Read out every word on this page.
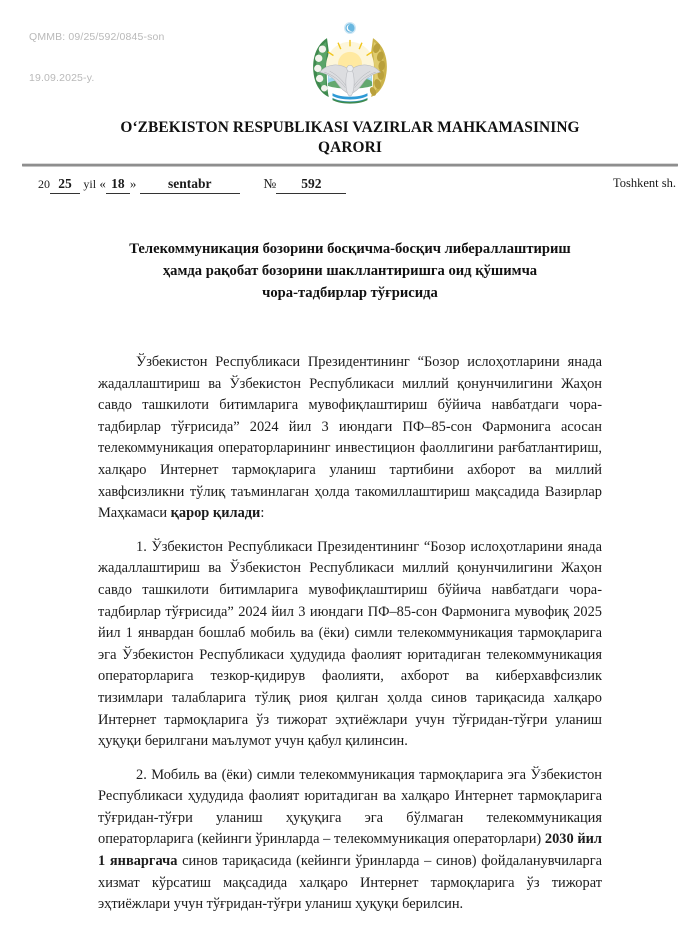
QMMB: 09/25/592/0845-son

19.09.2025-y.

O‘ZBEKISTON RESPUBLIKASI VAZIRLAR MAHKAMASINING
QARORI
20 25 yil « 18 » sentabr	№ 592	Toshkent sh.
Телекоммуникация бозорини босқичма-босқич либераллаштириш
ҳамда рақобат бозорини шакллантиришга оид қўшимча
чора-тадбирлар тўғрисида

Ўзбекистон Республикаси Президентининг “Бозор ислоҳотларини янада жадаллаштириш ва Ўзбекистон Республикаси миллий қонунчилигини Жаҳон савдо ташкилоти битимларига мувофиқлаштириш бўйича навбатдаги чора-тадбирлар тўғрисида” 2024 йил 3 июндаги ПФ–85-сон Фармонига асосан телекоммуникация операторларининг инвестицион фаоллигини рағбатлантириш, халқаро Интернет тармоқларига уланиш тартибини ахборот ва миллий хавфсизликни тўлиқ таъминлаган ҳолда такомиллаштириш мақсадида Вазирлар Маҳкамаси қарор қилади:

1. Ўзбекистон Республикаси Президентининг “Бозор ислоҳотларини янада жадаллаштириш ва Ўзбекистон Республикаси миллий қонунчилигини Жаҳон савдо ташкилоти битимларига мувофиқлаштириш бўйича навбатдаги чора-тадбирлар тўғрисида” 2024 йил 3 июндаги ПФ–85-сон Фармонига мувофиқ 2025 йил 1 январдан бошлаб мобиль ва (ёки) симли телекоммуникация тармоқларига эга Ўзбекистон Республикаси ҳудудида фаолият юритадиган телекоммуникация операторларига тезкор-қидирув фаолияти, ахборот ва киберхавфсизлик тизимлари талабларига тўлиқ риоя қилган ҳолда синов тариқасида халқаро Интернет тармоқларига ўз тижорат эҳтиёжлари учун тўғридан-тўғри уланиш ҳуқуқи берилгани маълумот учун қабул қилинсин.

2. Мобиль ва (ёки) симли телекоммуникация тармоқларига эга Ўзбекистон Республикаси ҳудудида фаолият юритадиган ва халқаро Интернет тармоқларига тўғридан-тўғри уланиш ҳуқуқига эга бўлмаган телекоммуникация операторларига (кейинги ўринларда – телекоммуникация операторлари) 2030 йил 1 январгача синов тариқасида (кейинги ўринларда – синов) фойдаланувчиларга хизмат кўрсатиш мақсадида халқаро Интернет тармоқларига ўз тижорат эҳтиёжлари учун тўғридан-тўғри уланиш ҳуқуқи берилсин.
